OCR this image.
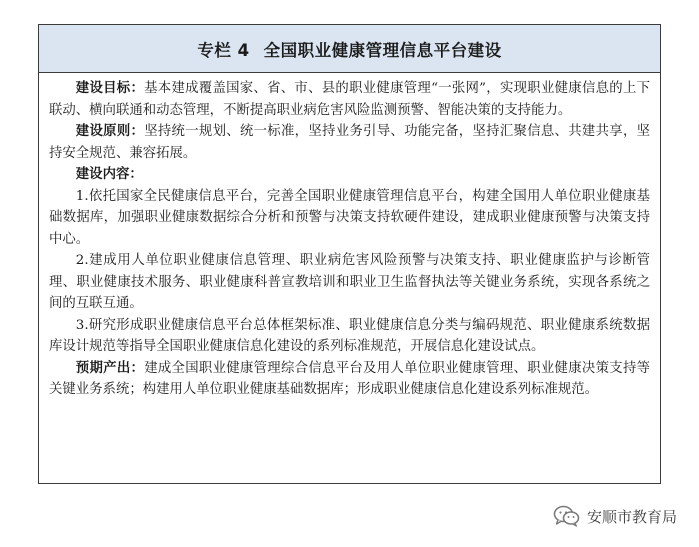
专栏 4 全国职业健康管理信息平台建设

建设目标：基本建成覆盖国家、省、市、县的职业健康管理“一张网”，实现职业健康信息的上下联动、横向联通和动态管理，不断提高职业病危害风险监测预警、智能决策的支持能力。

建设原则：坚持统一规划、统一标准，坚持业务引导、功能完备，坚持汇聚信息、共建共享，坚持安全规范、兼容拓展。

建设内容：

1.依托国家全民健康信息平台，完善全国职业健康管理信息平台，构建全国用人单位职业健康基础数据库，加强职业健康数据综合分析和预警与决策支持软硬件建设，建成职业健康预警与决策支持中心。

2.建成用人单位职业健康信息管理、职业病危害风险预警与决策支持、职业健康监护与诊断管理、职业健康技术服务、职业健康科普宣教培训和职业卫生监督执法等关键业务系统，实现各系统之间的互联互通。

3.研究形成职业健康信息平台总体框架标准、职业健康信息分类与编码规范、职业健康系统数据库设计规范等指导全国职业健康信息化建设的系列标准规范，开展信息化建设试点。

预期产出：建成全国职业健康管理综合信息平台及用人单位职业健康管理、职业健康决策支持等关键业务系统；构建用人单位职业健康基础数据库；形成职业健康信息化建设系列标准规范。

安顺市教育局
